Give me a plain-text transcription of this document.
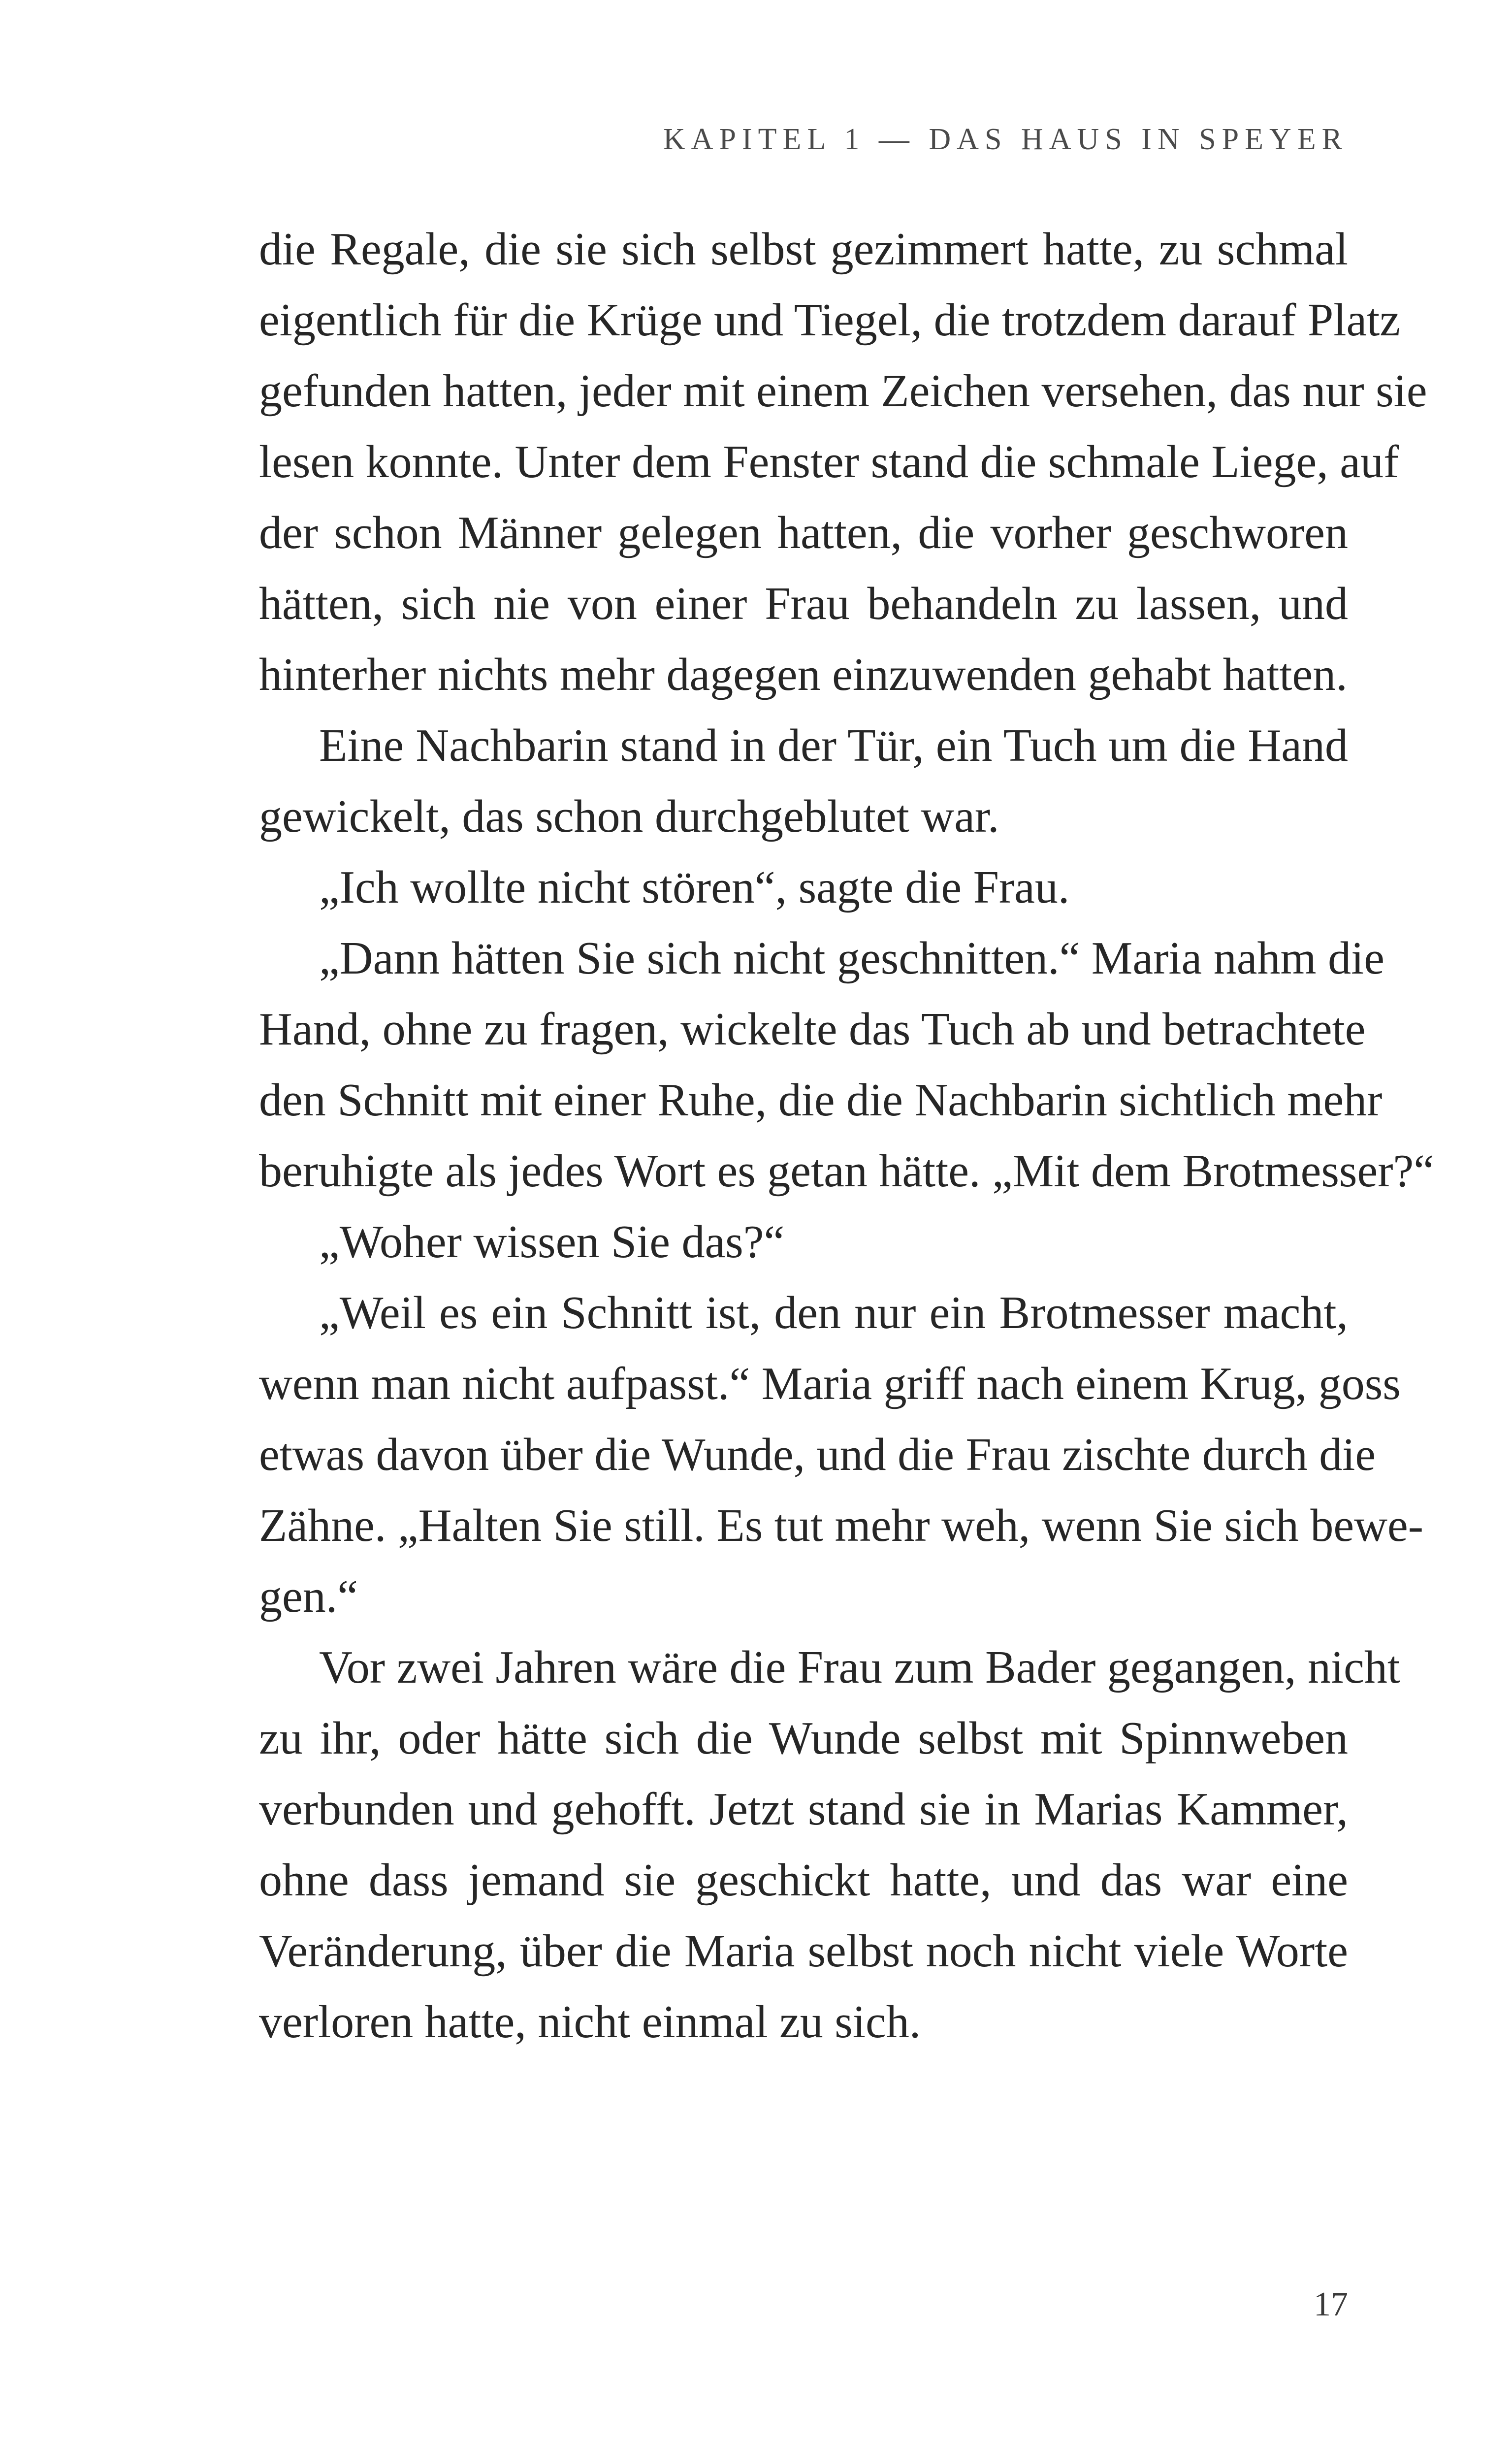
KAPITEL 1 — DAS HAUS IN SPEYER
die Regale, die sie sich selbst gezimmert hatte, zu schmal
eigentlich für die Krüge und Tiegel, die trotzdem darauf Platz
gefunden hatten, jeder mit einem Zeichen versehen, das nur sie
lesen konnte. Unter dem Fenster stand die schmale Liege, auf
der schon Männer gelegen hatten, die vorher geschworen
hätten, sich nie von einer Frau behandeln zu lassen, und
hinterher nichts mehr dagegen einzuwenden gehabt hatten.
Eine Nachbarin stand in der Tür, ein Tuch um die Hand
gewickelt, das schon durchgeblutet war.
„Ich wollte nicht stören“, sagte die Frau.
„Dann hätten Sie sich nicht geschnitten.“ Maria nahm die
Hand, ohne zu fragen, wickelte das Tuch ab und betrachtete
den Schnitt mit einer Ruhe, die die Nachbarin sichtlich mehr
beruhigte als jedes Wort es getan hätte. „Mit dem Brotmesser?“
„Woher wissen Sie das?“
„Weil es ein Schnitt ist, den nur ein Brotmesser macht,
wenn man nicht aufpasst.“ Maria griff nach einem Krug, goss
etwas davon über die Wunde, und die Frau zischte durch die
Zähne. „Halten Sie still. Es tut mehr weh, wenn Sie sich bewe-
gen.“
Vor zwei Jahren wäre die Frau zum Bader gegangen, nicht
zu ihr, oder hätte sich die Wunde selbst mit Spinnweben
verbunden und gehofft. Jetzt stand sie in Marias Kammer,
ohne dass jemand sie geschickt hatte, und das war eine
Veränderung, über die Maria selbst noch nicht viele Worte
verloren hatte, nicht einmal zu sich.
17
